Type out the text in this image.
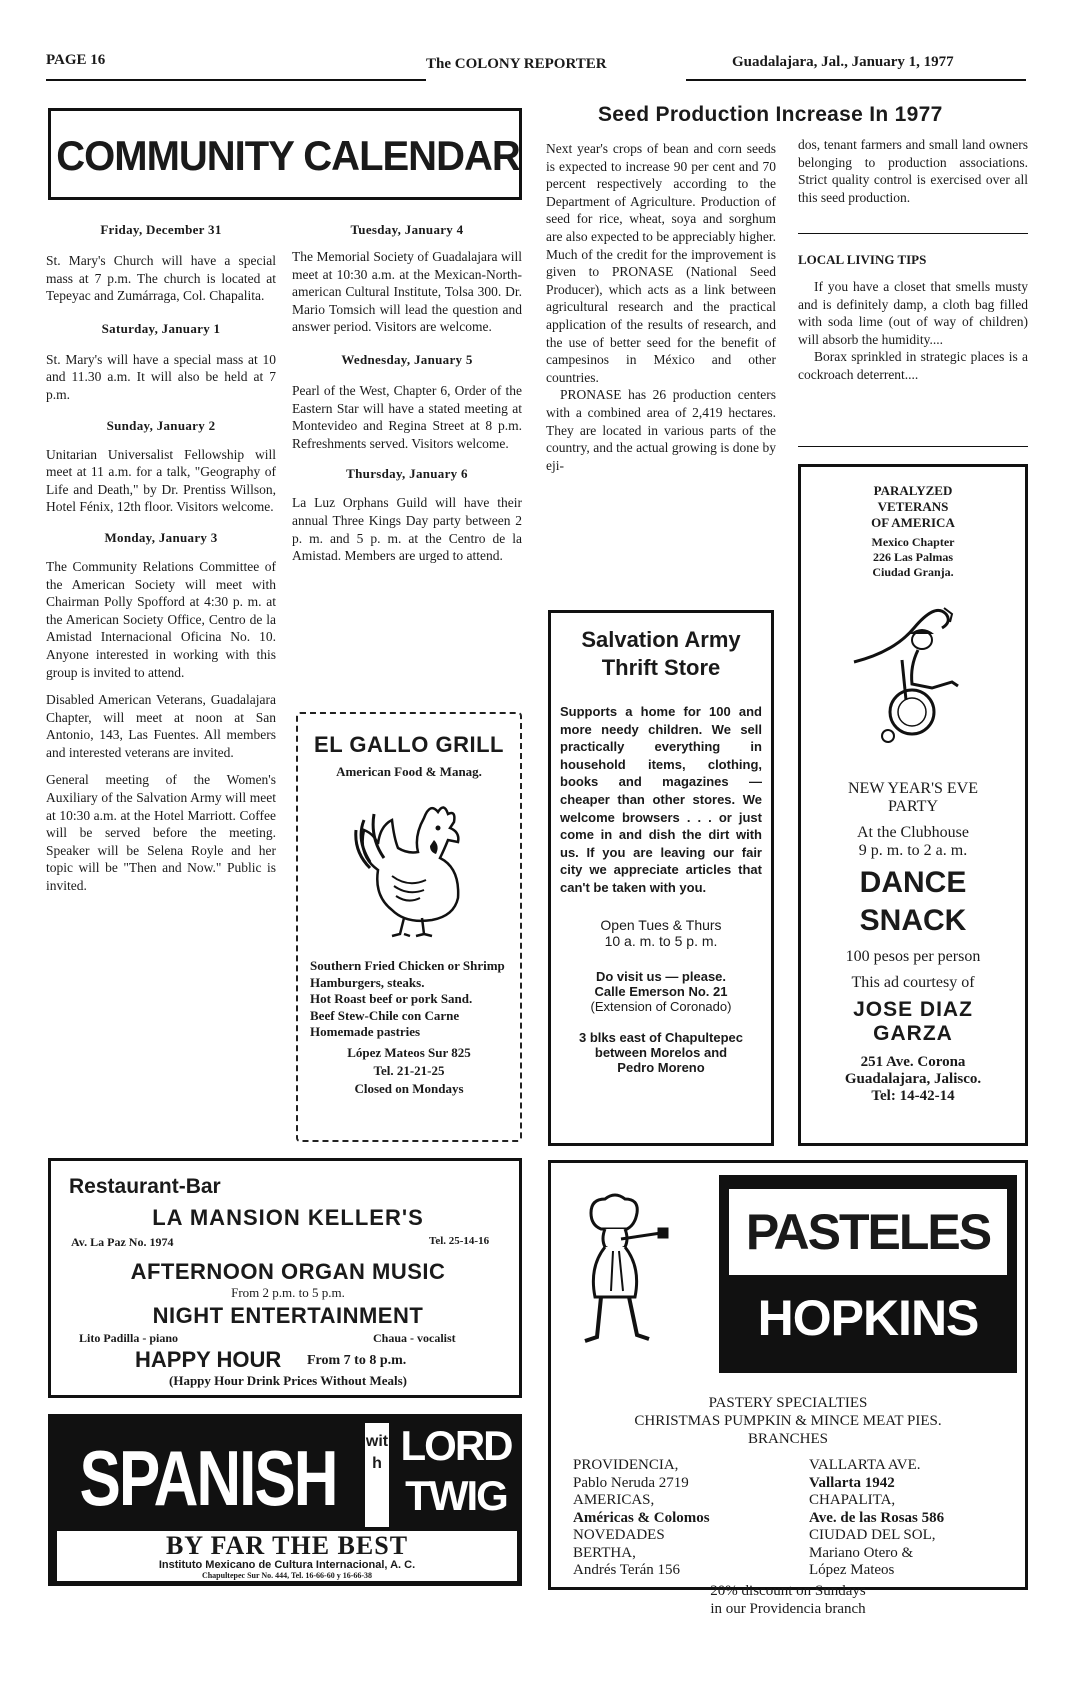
PAGE 16	The COLONY REPORTER	Guadalajara, Jal., January 1, 1977
COMMUNITY CALENDAR
Friday, December 31
St. Mary's Church will have a special mass at 7 p.m. The church is located at Tepeyac and Zumárraga, Col. Chapalita.
Saturday, January 1
St. Mary's will have a special mass at 10 and 11.30 a.m. It will also be held at 7 p.m.
Sunday, January 2
Unitarian Universalist Fellowship will meet at 11 a.m. for a talk, "Geography of Life and Death," by Dr. Prentiss Willson, Hotel Fénix, 12th floor. Visitors welcome.
Monday, January 3
The Community Relations Committee of the American Society will meet with Chairman Polly Spofford at 4:30 p. m. at the American Society Office, Centro de la Amistad Internacional Oficina No. 10. Anyone interested in working with this group is invited to attend.
Disabled American Veterans, Guadalajara Chapter, will meet at noon at San Antonio, 143, Las Fuentes. All members and interested veterans are invited.
General meeting of the Women's Auxiliary of the Salvation Army will meet at 10:30 a.m. at the Hotel Marriott. Coffee will be served before the meeting. Speaker will be Selena Royle and her topic will be "Then and Now." Public is invited.
Tuesday, January 4
The Memorial Society of Guadalajara will meet at 10:30 a.m. at the Mexican-North-american Cultural Institute, Tolsa 300. Dr. Mario Tomsich will lead the question and answer period. Visitors are welcome.
Wednesday, January 5
Pearl of the West, Chapter 6, Order of the Eastern Star will have a stated meeting at Montevideo and Regina Street at 8 p.m. Refreshments served. Visitors welcome.
Thursday, January 6
La Luz Orphans Guild will have their annual Three Kings Day party between 2 p. m. and 5 p. m. at the Centro de la Amistad. Members are urged to attend.
EL GALLO GRILL
American Food & Manag.
Southern Fried Chicken or Shrimp
Hamburgers, steaks.
Hot Roast beef or pork Sand.
Beef Stew-Chile con Carne
Homemade pastries
López Mateos Sur 825
Tel. 21-21-25
Closed on Mondays
Seed Production Increase In 1977
Next year's crops of bean and corn seeds is expected to increase 90 per cent and 70 percent respectively according to the Department of Agriculture. Production of seed for rice, wheat, soya and sorghum are also expected to be appreciably higher. Much of the credit for the improvement is given to PRONASE (National Seed Producer), which acts as a link between agricultural research and the practical application of the results of research, and the use of better seed for the benefit of campesinos in México and other countries.
PRONASE has 26 production centers with a combined area of 2,419 hectares. They are located in various parts of the country, and the actual growing is done by eji-
dos, tenant farmers and small land owners belonging to production associations. Strict quality control is exercised over all this seed production.
LOCAL LIVING TIPS
If you have a closet that smells musty and is definitely damp, a cloth bag filled with soda lime (out of way of children) will absorb the humidity....
Borax sprinkled in strategic places is a cockroach deterrent....
Salvation Army
Thrift Store
Supports a home for 100 and more needy children. We sell practically everything in household items, clothing, books and magazines — cheaper than other stores. We welcome browsers . . . or just come in and dish the dirt with us. If you are leaving our fair city we appreciate articles that can't be taken with you.
Open Tues & Thurs
10 a. m. to 5 p. m.
Do visit us — please.
Calle Emerson No. 21
(Extension of Coronado)
3 blks east of Chapultepec
between Morelos and
Pedro Moreno
PARALYZED
VETERANS
OF AMERICA
Mexico Chapter
226 Las Palmas
Ciudad Granja.
NEW YEAR'S EVE
PARTY
At the Clubhouse
9 p. m. to 2 a. m.
DANCE
SNACK
100 pesos per person
This ad courtesy of
JOSE DIAZ
GARZA
251 Ave. Corona
Guadalajara, Jalisco.
Tel: 14-42-14
Restaurant-Bar
LA MANSION KELLER'S
Av. La Paz No. 1974	Tel. 25-14-16
AFTERNOON ORGAN MUSIC
From 2 p.m. to 5 p.m.
NIGHT ENTERTAINMENT
Lito Padilla - piano	Chaua - vocalist
HAPPY HOUR From 7 to 8 p.m.
(Happy Hour Drink Prices Without Meals)
SPANISH	with LORD
TWIG
BY FAR THE BEST
Instituto Mexicano de Cultura Internacional, A. C.
Chapultepec Sur No. 444, Tel. 16-66-60 y 16-66-38
PASTELES
HOPKINS
PASTERY SPECIALTIES
CHRISTMAS PUMPKIN & MINCE MEAT PIES.
BRANCHES
PROVIDENCIA,
Pablo Neruda 2719
AMERICAS,
Américas & Colomos
NOVEDADES
BERTHA,
Andrés Terán 156
VALLARTA AVE.
Vallarta 1942
CHAPALITA,
Ave. de las Rosas 586
CIUDAD DEL SOL,
Mariano Otero &
López Mateos
20% discount on Sundays
in our Providencia branch
